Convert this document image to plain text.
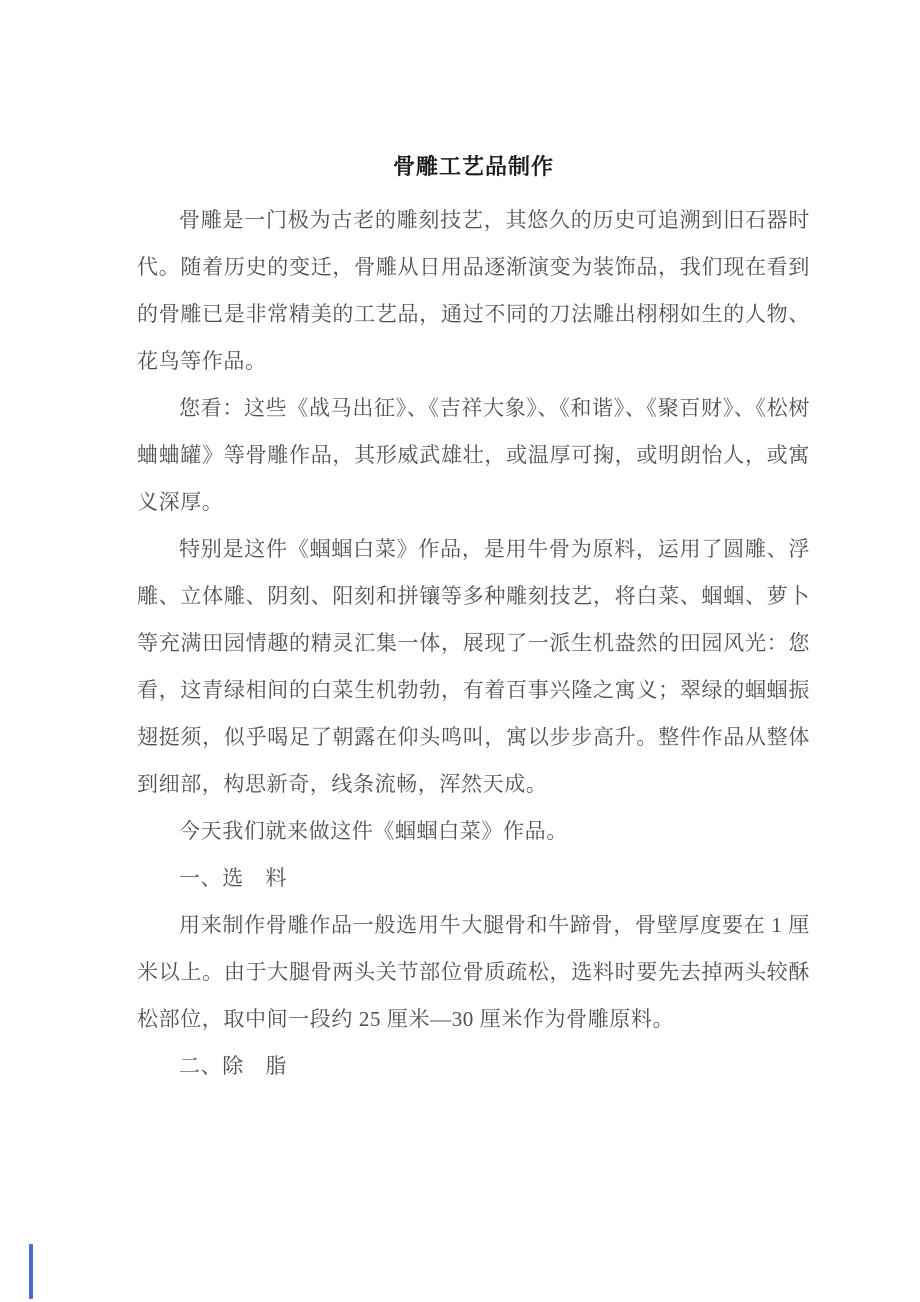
骨雕工艺品制作

骨雕是一门极为古老的雕刻技艺，其悠久的历史可追溯到旧石器时代。随着历史的变迁，骨雕从日用品逐渐演变为装饰品，我们现在看到的骨雕已是非常精美的工艺品，通过不同的刀法雕出栩栩如生的人物、花鸟等作品。

您看：这些《战马出征》、《吉祥大象》、《和谐》、《聚百财》、《松树蛐蛐罐》等骨雕作品，其形威武雄壮，或温厚可掬，或明朗怡人，或寓义深厚。

特别是这件《蝈蝈白菜》作品，是用牛骨为原料，运用了圆雕、浮雕、立体雕、阴刻、阳刻和拼镶等多种雕刻技艺，将白菜、蝈蝈、萝卜等充满田园情趣的精灵汇集一体，展现了一派生机盎然的田园风光：您看，这青绿相间的白菜生机勃勃，有着百事兴隆之寓义；翠绿的蝈蝈振翅挺须，似乎喝足了朝露在仰头鸣叫，寓以步步高升。整件作品从整体到细部，构思新奇，线条流畅，浑然天成。

今天我们就来做这件《蝈蝈白菜》作品。

一、选　料

用来制作骨雕作品一般选用牛大腿骨和牛蹄骨，骨壁厚度要在 1 厘米以上。由于大腿骨两头关节部位骨质疏松，选料时要先去掉两头较酥松部位，取中间一段约 25 厘米—30 厘米作为骨雕原料。

二、除　脂
